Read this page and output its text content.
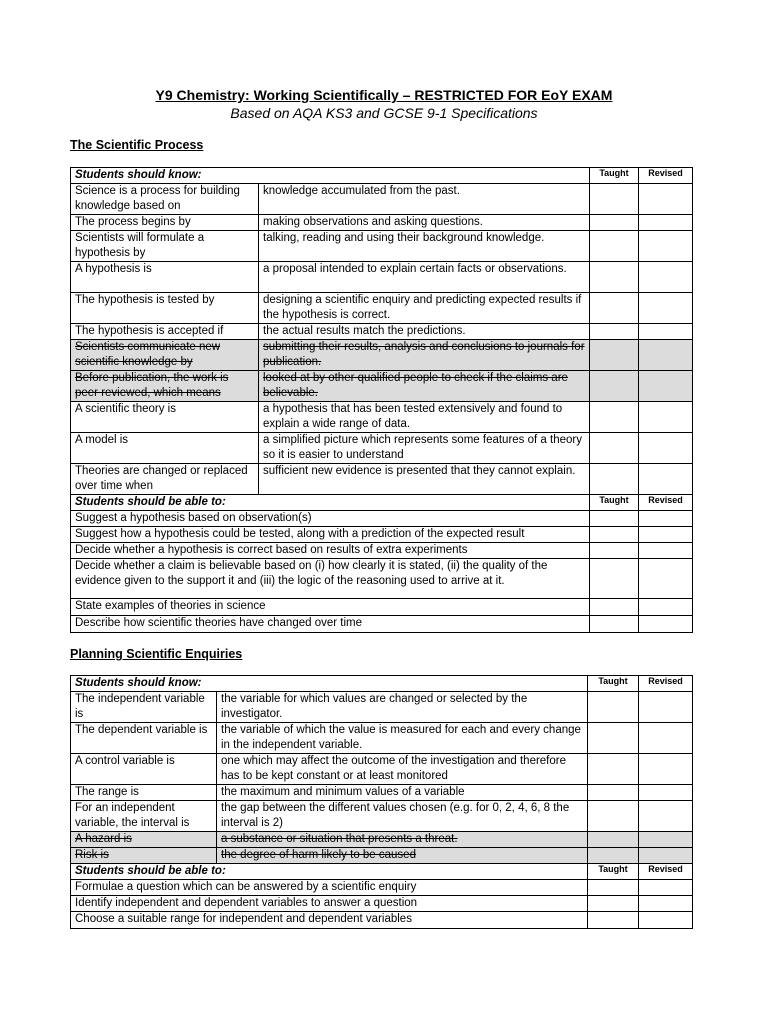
Y9 Chemistry: Working Scientifically – RESTRICTED FOR EoY EXAM
Based on AQA KS3 and GCSE 9-1 Specifications
The Scientific Process
Students should know:		Taught	Revised
Science is a process for building knowledge based on	knowledge accumulated from the past.		
The process begins by	making observations and asking questions.		
Scientists will formulate a hypothesis by	talking, reading and using their background knowledge.		
A hypothesis is	a proposal intended to explain certain facts or observations.		
The hypothesis is tested by	designing a scientific enquiry and predicting expected results if the hypothesis is correct.		
The hypothesis is accepted if	the actual results match the predictions.		
Scientists communicate new scientific knowledge by	submitting their results, analysis and conclusions to journals for publication.		
Before publication, the work is peer reviewed, which means	looked at by other qualified people to check if the claims are believable.		
A scientific theory is	a hypothesis that has been tested extensively and found to explain a wide range of data.		
A model is	a simplified picture which represents some features of a theory so it is easier to understand		
Theories are changed or replaced over time when	sufficient new evidence is presented that they cannot explain.		
Students should be able to:		Taught	Revised
Suggest a hypothesis based on observation(s)			
Suggest how a hypothesis could be tested, along with a prediction of the expected result			
Decide whether a hypothesis is correct based on results of extra experiments			
Decide whether a claim is believable based on (i) how clearly it is stated, (ii) the quality of the evidence given to the support it and (iii) the logic of the reasoning used to arrive at it.			
State examples of theories in science			
Describe how scientific theories have changed over time			
Planning Scientific Enquiries
Students should know:		Taught	Revised
The independent variable is	the variable for which values are changed or selected by the investigator.		
The dependent variable is	the variable of which the value is measured for each and every change in the independent variable.		
A control variable is	one which may affect the outcome of the investigation and therefore has to be kept constant or at least monitored		
The range is	the maximum and minimum values of a variable		
For an independent variable, the interval is	the gap between the different values chosen (e.g. for 0, 2, 4, 6, 8 the interval is 2)		
A hazard is	a substance or situation that presents a threat.		
Risk is	the degree of harm likely to be caused		
Students should be able to:		Taught	Revised
Formulae a question which can be answered by a scientific enquiry			
Identify independent and dependent variables to answer a question			
Choose a suitable range for independent and dependent variables			
